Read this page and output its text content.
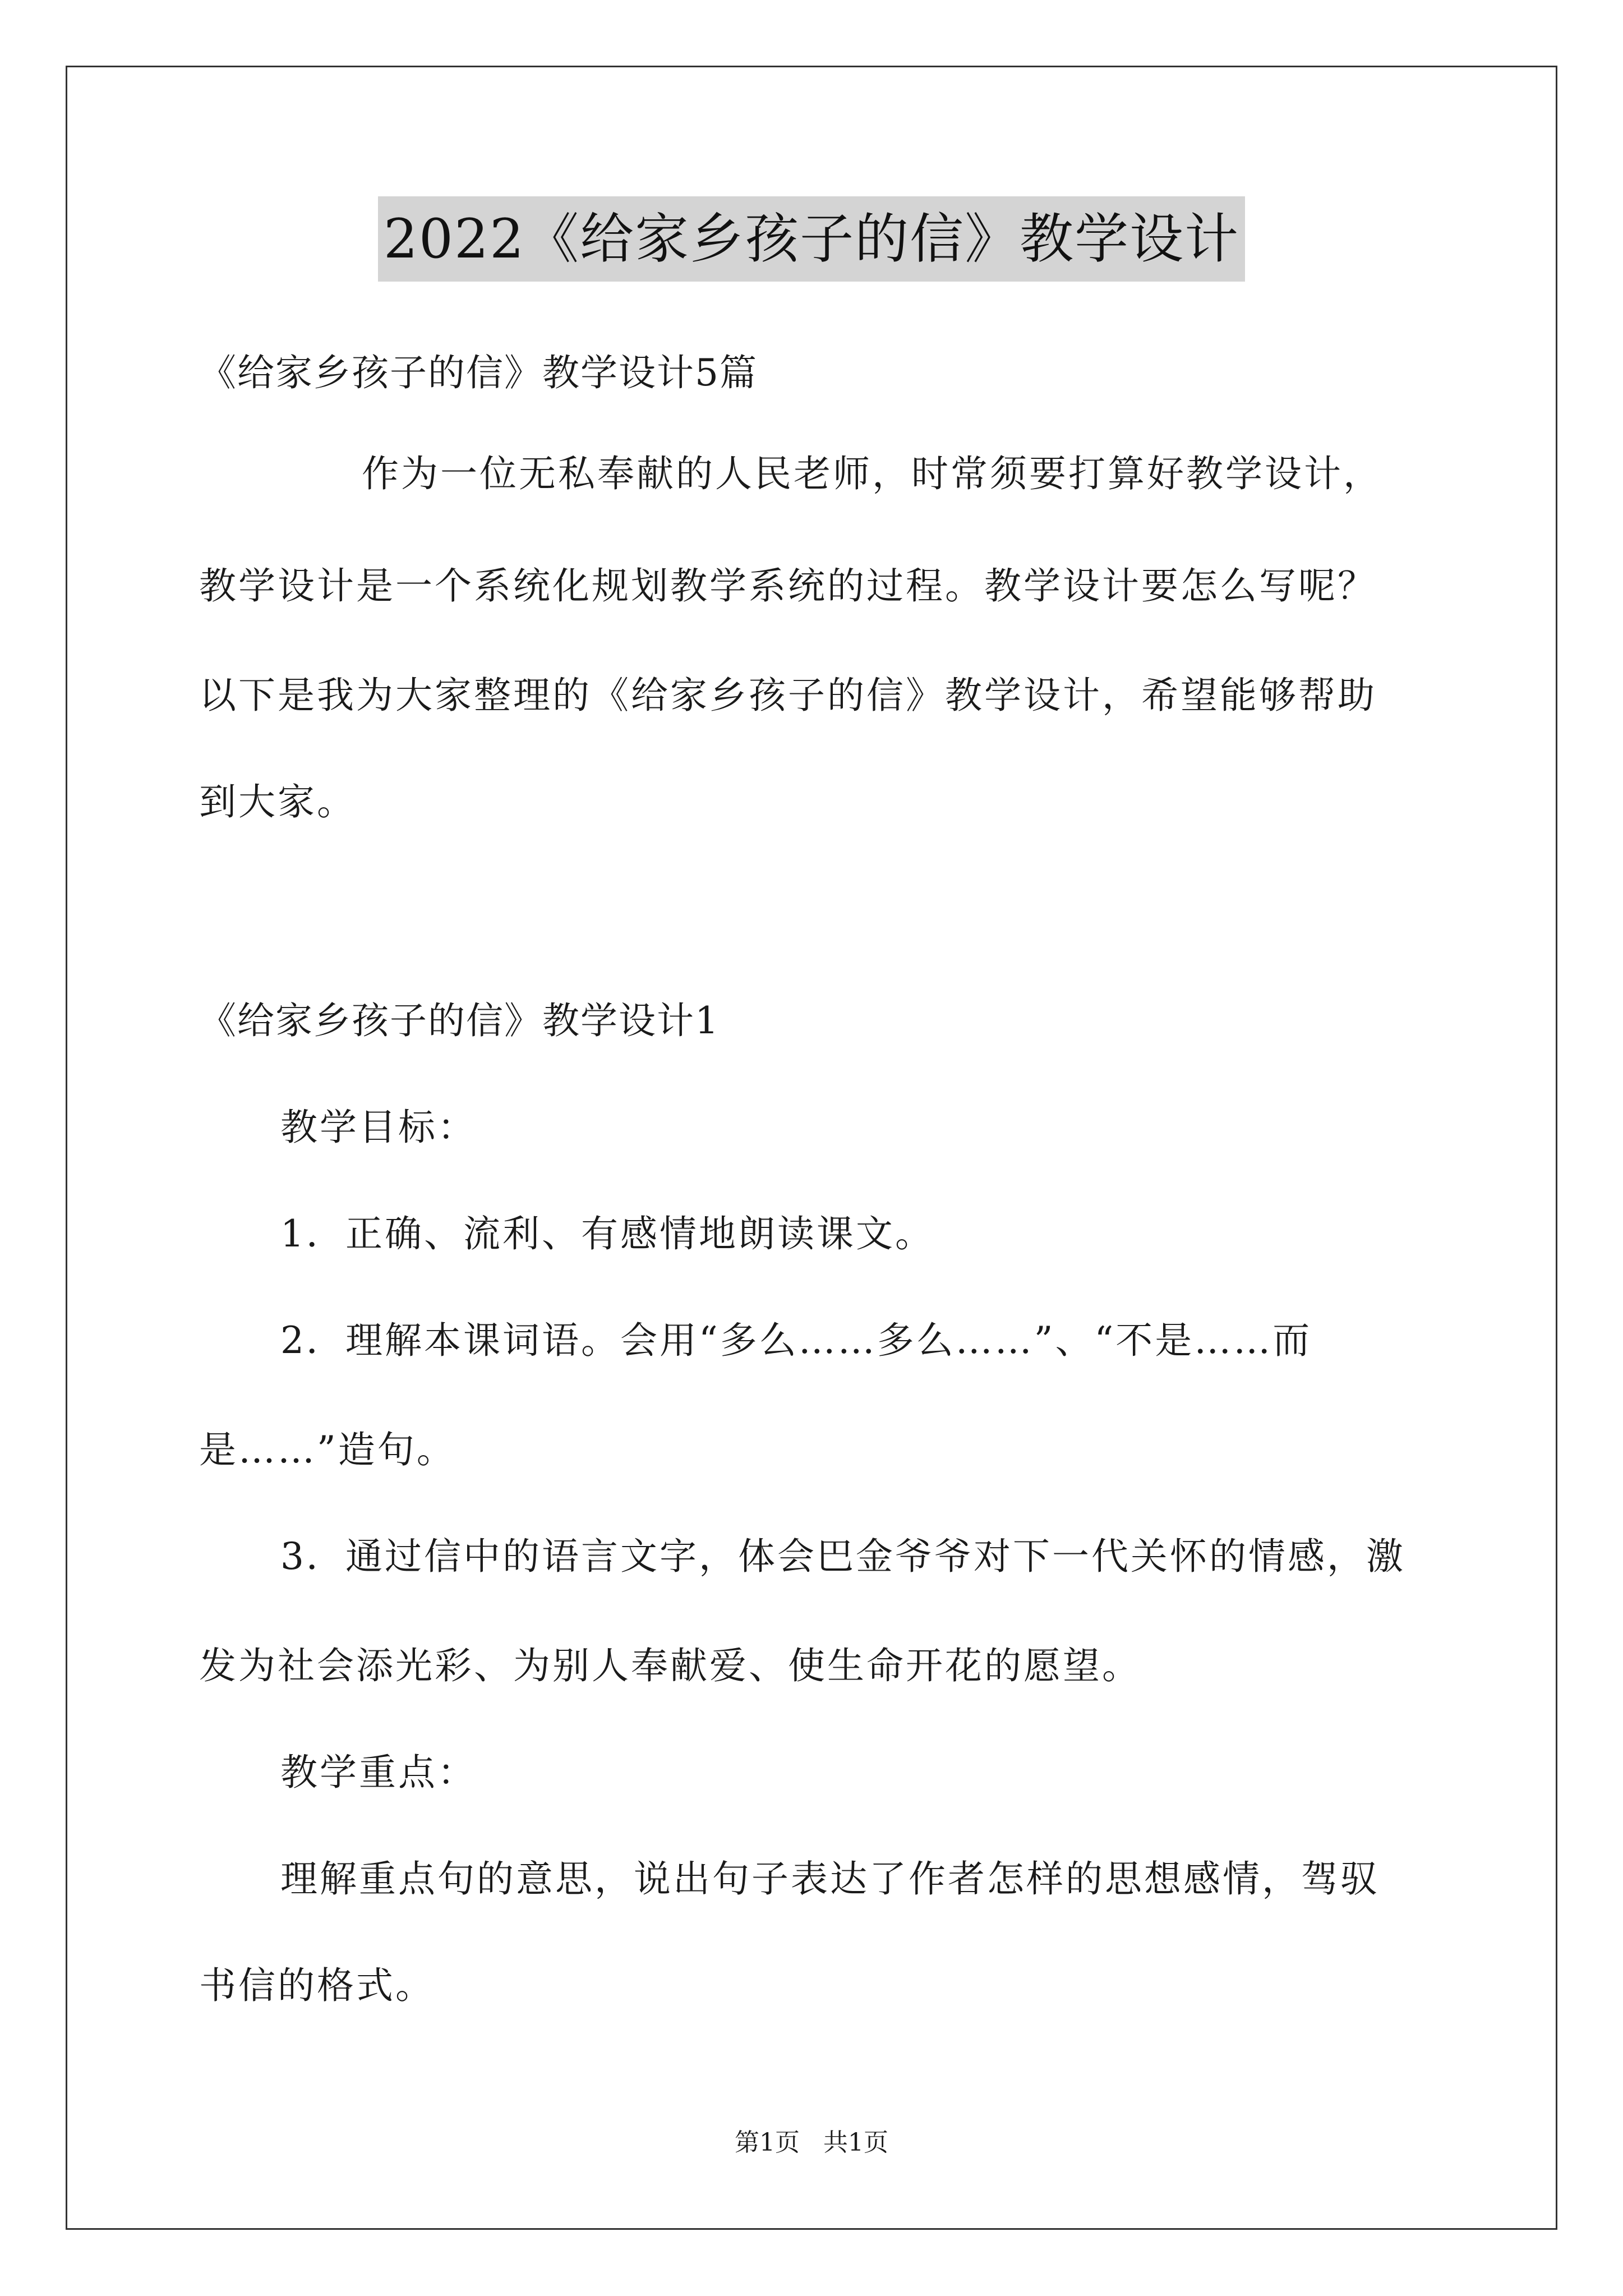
2022《给家乡孩子的信》教学设计
《给家乡孩子的信》教学设计5篇
作为一位无私奉献的人民老师，时常须要打算好教学设计，
教学设计是一个系统化规划教学系统的过程。教学设计要怎么写呢？
以下是我为大家整理的《给家乡孩子的信》教学设计，希望能够帮助
到大家。
《给家乡孩子的信》教学设计1
教学目标：
1．正确、流利、有感情地朗读课文。
2．理解本课词语。会用“多么……多么……”、“不是……而
是……”造句。
3．通过信中的语言文字，体会巴金爷爷对下一代关怀的情感，激
发为社会添光彩、为别人奉献爱、使生命开花的愿望。
教学重点：
理解重点句的意思，说出句子表达了作者怎样的思想感情，驾驭
书信的格式。
第1页   共1页
